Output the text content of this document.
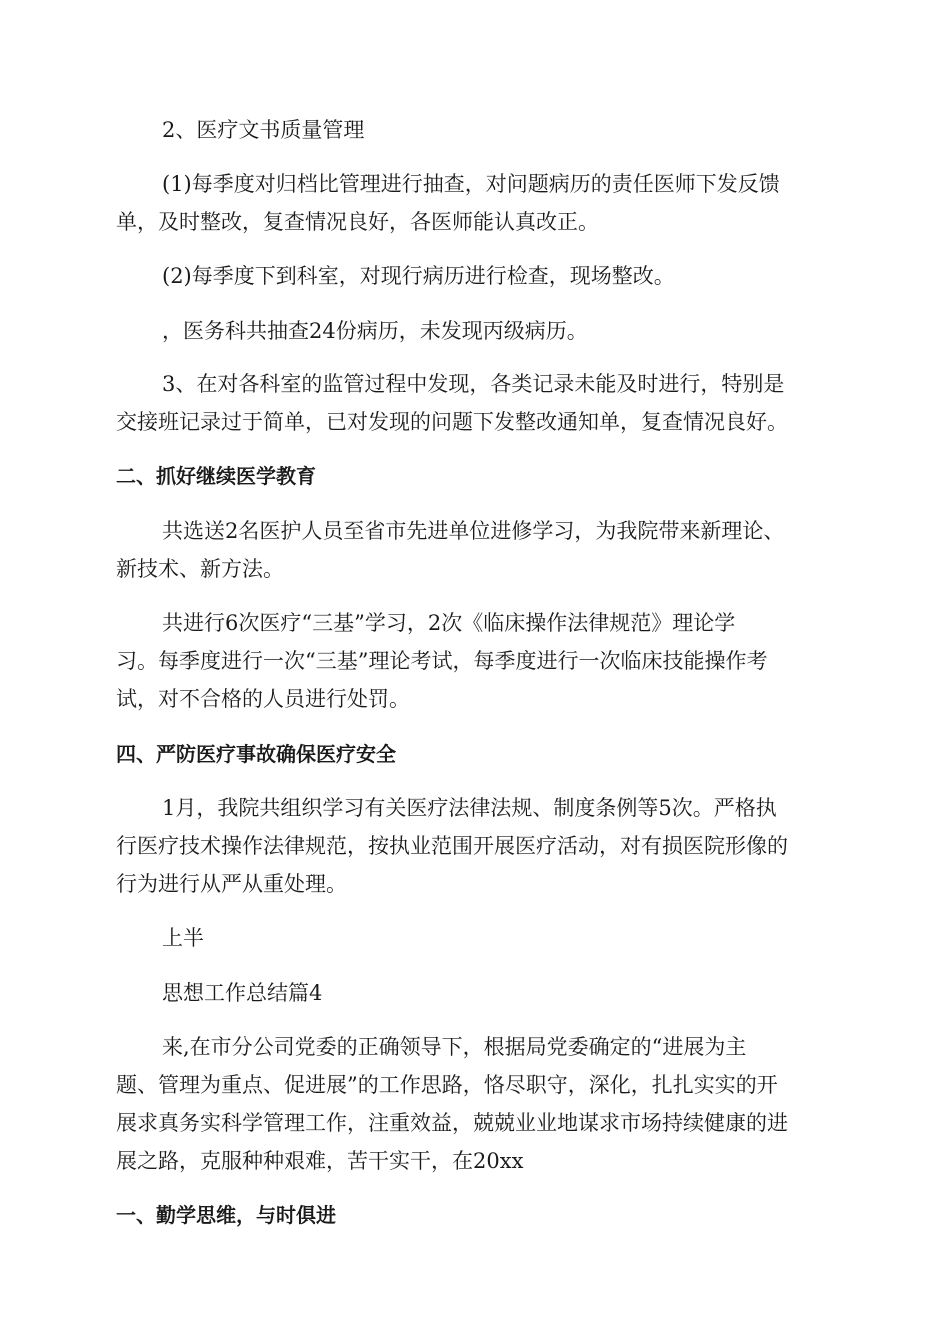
2、医疗文书质量管理
(1)每季度对归档比管理进行抽查，对问题病历的责任医师下发反馈
单，及时整改，复查情况良好，各医师能认真改正。
(2)每季度下到科室，对现行病历进行检查，现场整改。
，医务科共抽查24份病历，未发现丙级病历。
3、在对各科室的监管过程中发现，各类记录未能及时进行，特别是
交接班记录过于简单，已对发现的问题下发整改通知单，复查情况良好。
二、抓好继续医学教育
共选送2名医护人员至省市先进单位进修学习，为我院带来新理论、
新技术、新方法。
共进行6次医疗“三基”学习，2次《临床操作法律规范》理论学
习。每季度进行一次“三基”理论考试，每季度进行一次临床技能操作考
试，对不合格的人员进行处罚。
四、严防医疗事故确保医疗安全
1月，我院共组织学习有关医疗法律法规、制度条例等5次。严格执
行医疗技术操作法律规范，按执业范围开展医疗活动，对有损医院形像的
行为进行从严从重处理。
上半
思想工作总结篇4
来,在市分公司党委的正确领导下，根据局党委确定的“进展为主
题、管理为重点、促进展”的工作思路，恪尽职守，深化，扎扎实实的开
展求真务实科学管理工作，注重效益，兢兢业业地谋求市场持续健康的进
展之路，克服种种艰难，苦干实干，在20xx
一、勤学思维，与时俱进
